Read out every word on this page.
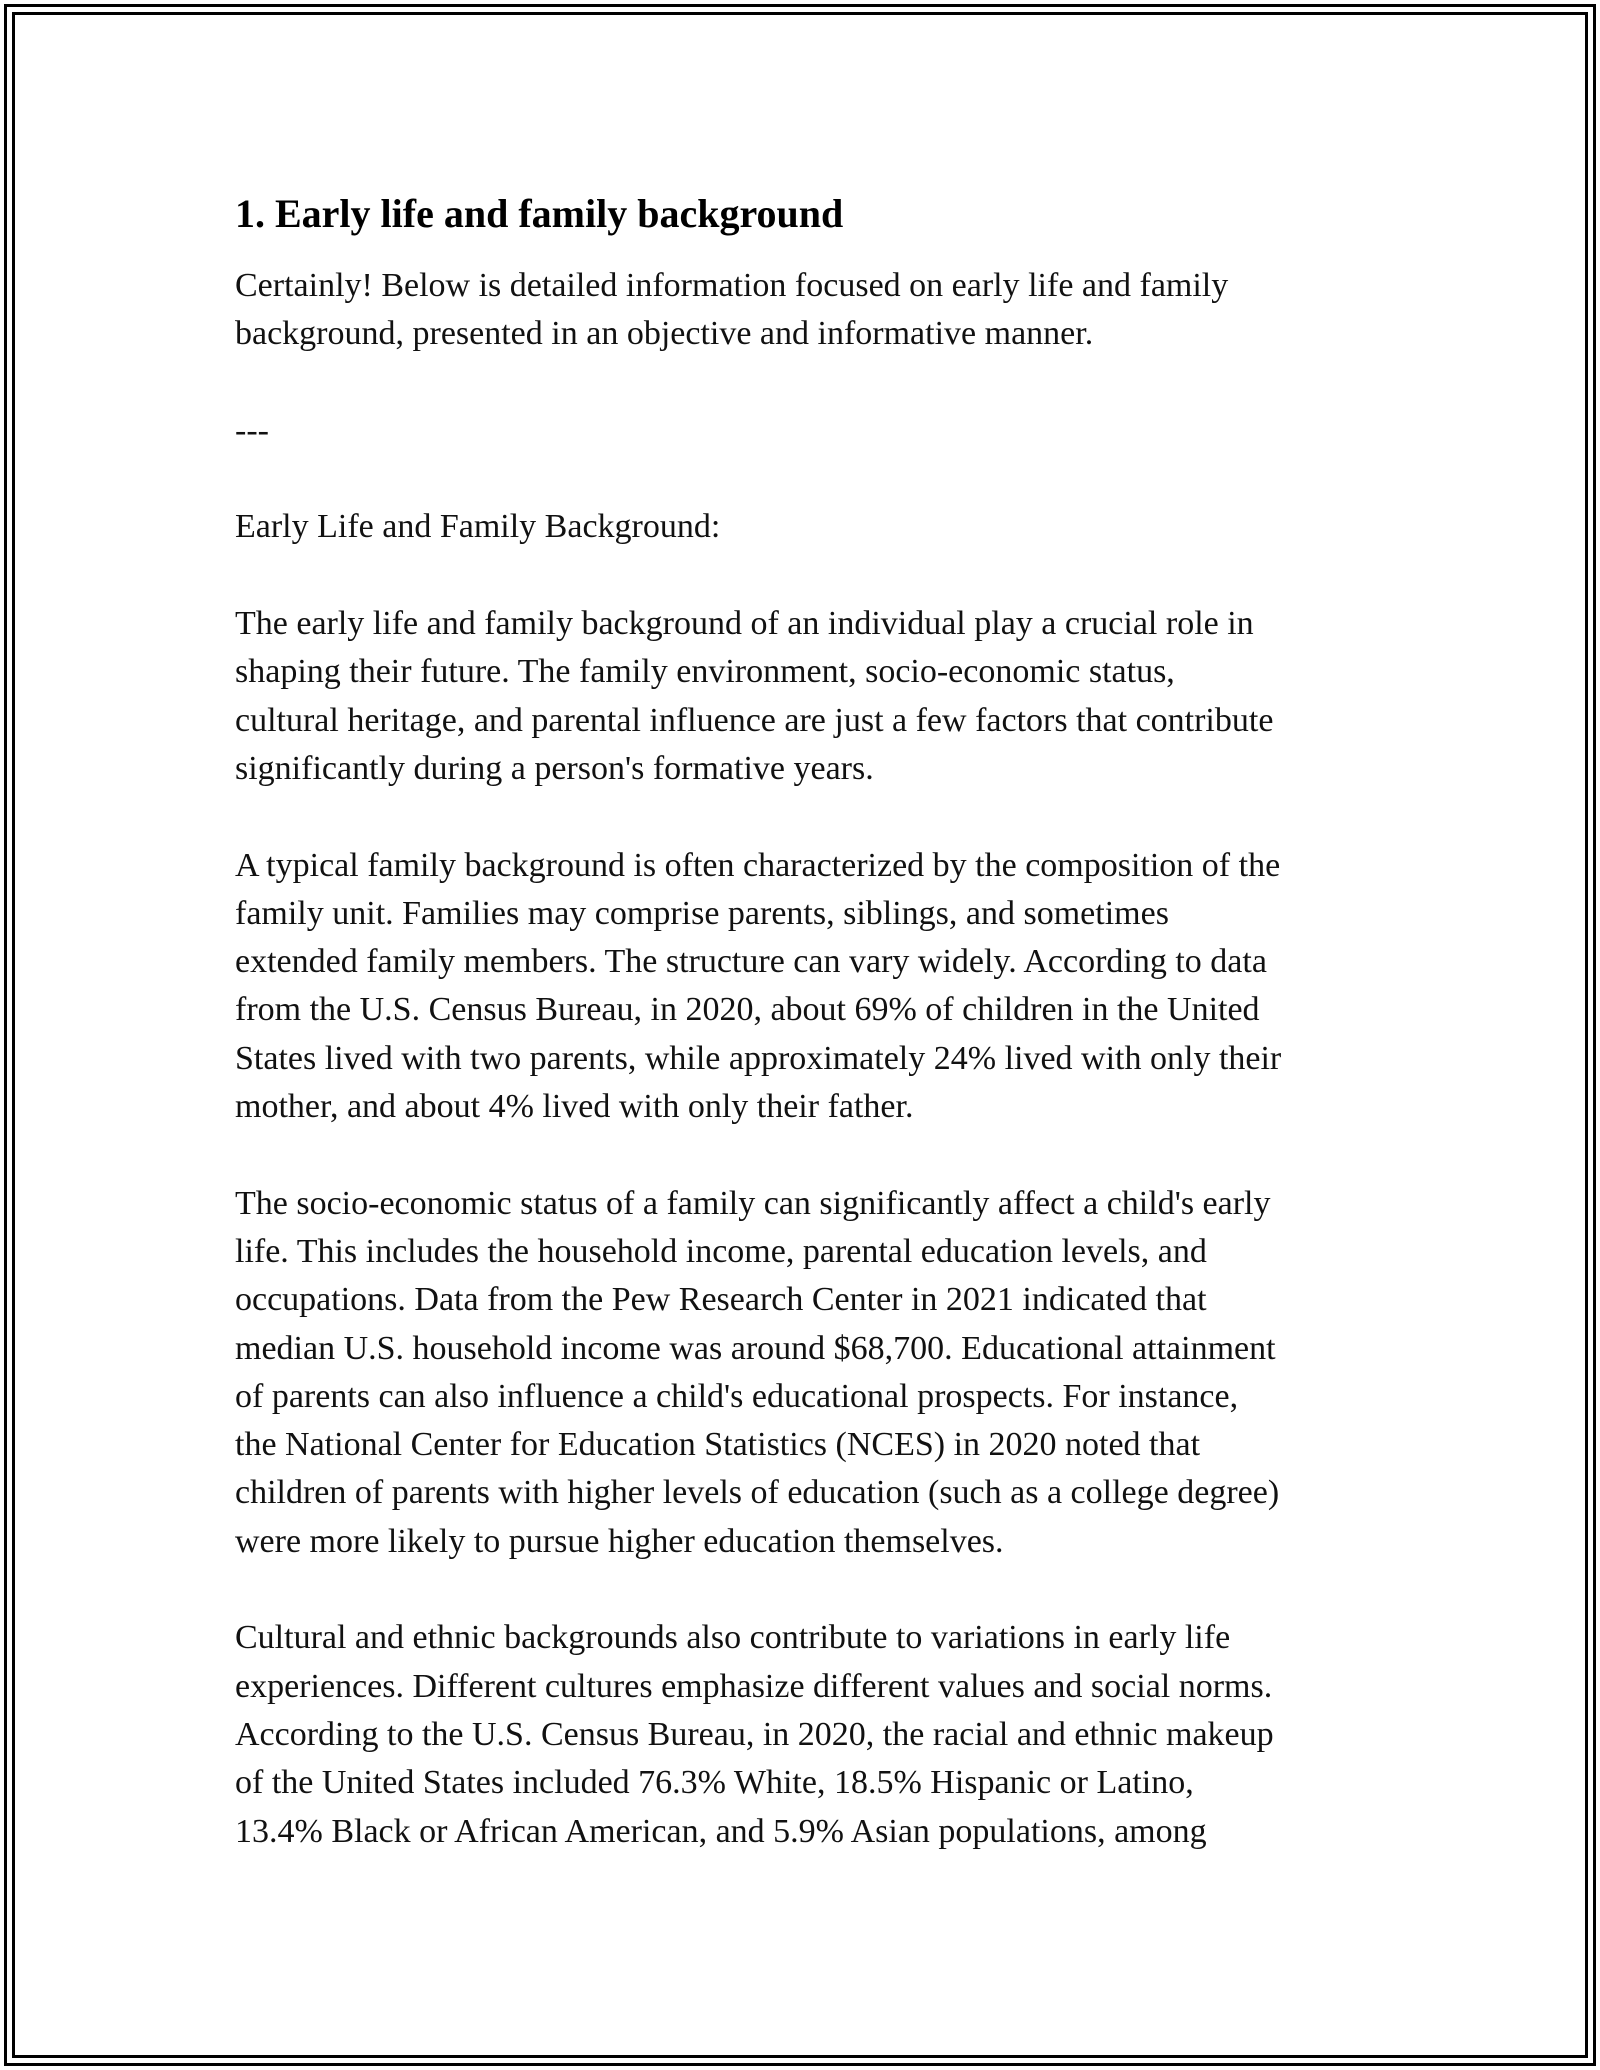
1. Early life and family background

Certainly! Below is detailed information focused on early life and family
background, presented in an objective and informative manner.

---

Early Life and Family Background:

The early life and family background of an individual play a crucial role in
shaping their future. The family environment, socio-economic status,
cultural heritage, and parental influence are just a few factors that contribute
significantly during a person's formative years.

A typical family background is often characterized by the composition of the
family unit. Families may comprise parents, siblings, and sometimes
extended family members. The structure can vary widely. According to data
from the U.S. Census Bureau, in 2020, about 69% of children in the United
States lived with two parents, while approximately 24% lived with only their
mother, and about 4% lived with only their father.

The socio-economic status of a family can significantly affect a child's early
life. This includes the household income, parental education levels, and
occupations. Data from the Pew Research Center in 2021 indicated that
median U.S. household income was around $68,700. Educational attainment
of parents can also influence a child's educational prospects. For instance,
the National Center for Education Statistics (NCES) in 2020 noted that
children of parents with higher levels of education (such as a college degree)
were more likely to pursue higher education themselves.

Cultural and ethnic backgrounds also contribute to variations in early life
experiences. Different cultures emphasize different values and social norms.
According to the U.S. Census Bureau, in 2020, the racial and ethnic makeup
of the United States included 76.3% White, 18.5% Hispanic or Latino,
13.4% Black or African American, and 5.9% Asian populations, among
